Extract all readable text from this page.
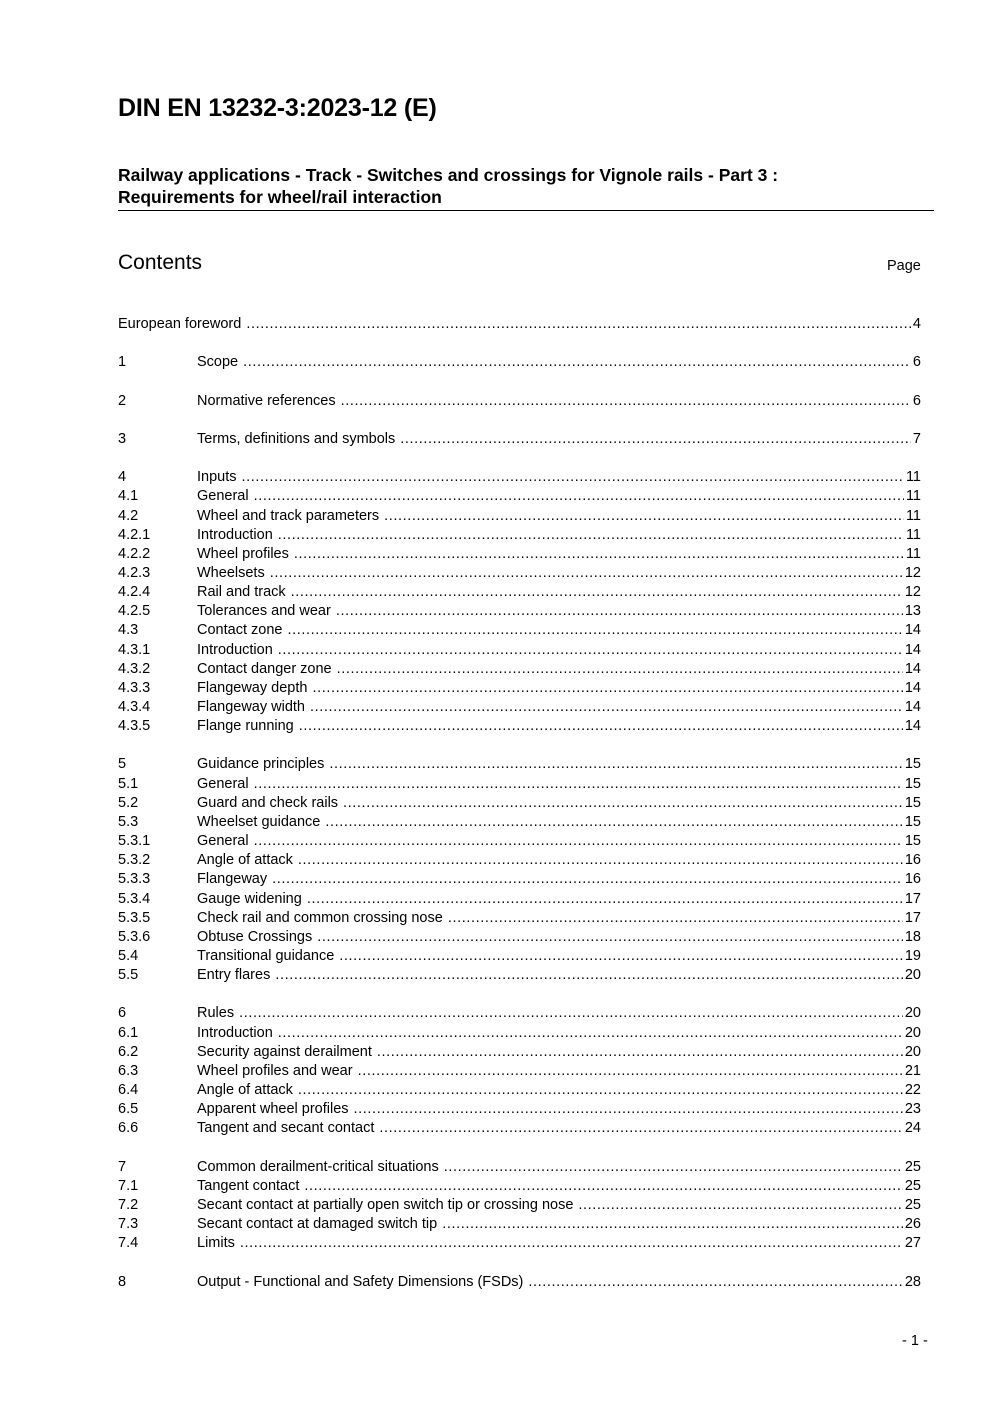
DIN EN 13232-3:2023-12 (E)
Railway applications - Track - Switches and crossings for Vignole rails - Part 3 :
Requirements for wheel/rail interaction
Contents	Page
European foreword .....	4
1	Scope .....	6
2	Normative references .....	6
3	Terms, definitions and symbols .....	7
4	Inputs .....	11
4.1	General .....	11
4.2	Wheel and track parameters .....	11
4.2.1	Introduction .....	11
4.2.2	Wheel profiles .....	11
4.2.3	Wheelsets .....	12
4.2.4	Rail and track .....	12
4.2.5	Tolerances and wear .....	13
4.3	Contact zone .....	14
4.3.1	Introduction .....	14
4.3.2	Contact danger zone .....	14
4.3.3	Flangeway depth .....	14
4.3.4	Flangeway width .....	14
4.3.5	Flange running .....	14
5	Guidance principles .....	15
5.1	General .....	15
5.2	Guard and check rails .....	15
5.3	Wheelset guidance .....	15
5.3.1	General .....	15
5.3.2	Angle of attack .....	16
5.3.3	Flangeway .....	16
5.3.4	Gauge widening .....	17
5.3.5	Check rail and common crossing nose .....	17
5.3.6	Obtuse Crossings .....	18
5.4	Transitional guidance .....	19
5.5	Entry flares .....	20
6	Rules .....	20
6.1	Introduction .....	20
6.2	Security against derailment .....	20
6.3	Wheel profiles and wear .....	21
6.4	Angle of attack .....	22
6.5	Apparent wheel profiles .....	23
6.6	Tangent and secant contact .....	24
7	Common derailment-critical situations .....	25
7.1	Tangent contact .....	25
7.2	Secant contact at partially open switch tip or crossing nose .....	25
7.3	Secant contact at damaged switch tip .....	26
7.4	Limits .....	27
8	Output - Functional and Safety Dimensions (FSDs) .....	28
- 1 -
